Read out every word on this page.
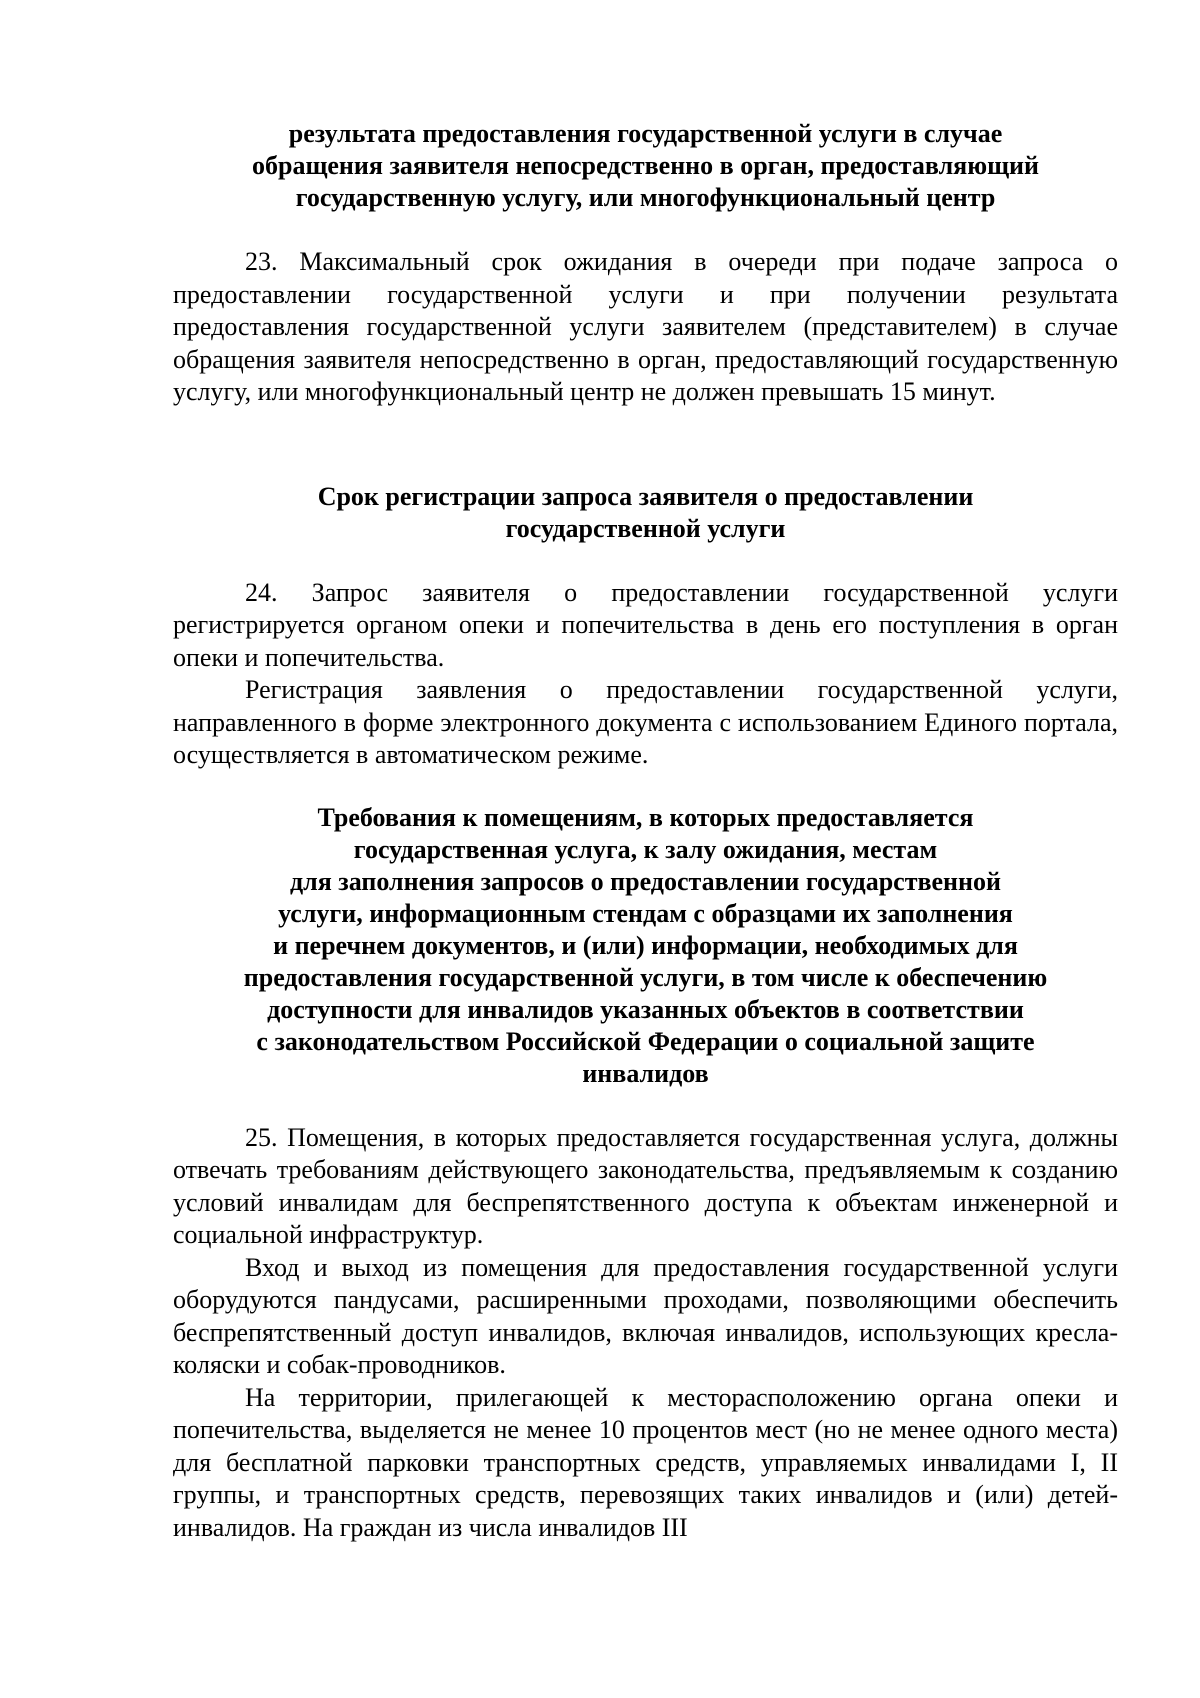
результата предоставления государственной услуги в случае
обращения заявителя непосредственно в орган, предоставляющий
государственную услугу, или многофункциональный центр

23. Максимальный срок ожидания в очереди при подаче запроса о предоставлении государственной услуги и при получении результата предоставления государственной услуги заявителем (представителем) в случае обращения заявителя непосредственно в орган, предоставляющий государственную услугу, или многофункциональный центр не должен превышать 15 минут.

Срок регистрации запроса заявителя о предоставлении
государственной услуги

24. Запрос заявителя о предоставлении государственной услуги регистрируется органом опеки и попечительства в день его поступления в орган опеки и попечительства.

Регистрация заявления о предоставлении государственной услуги, направленного в форме электронного документа с использованием Единого портала, осуществляется в автоматическом режиме.

Требования к помещениям, в которых предоставляется
государственная услуга, к залу ожидания, местам
для заполнения запросов о предоставлении государственной
услуги, информационным стендам с образцами их заполнения
и перечнем документов, и (или) информации, необходимых для
предоставления государственной услуги, в том числе к обеспечению
доступности для инвалидов указанных объектов в соответствии
с законодательством Российской Федерации о социальной защите
инвалидов

25. Помещения, в которых предоставляется государственная услуга, должны отвечать требованиям действующего законодательства, предъявляемым к созданию условий инвалидам для беспрепятственного доступа к объектам инженерной и социальной инфраструктур.

Вход и выход из помещения для предоставления государственной услуги оборудуются пандусами, расширенными проходами, позволяющими обеспечить беспрепятственный доступ инвалидов, включая инвалидов, использующих кресла-коляски и собак-проводников.

На территории, прилегающей к месторасположению органа опеки и попечительства, выделяется не менее 10 процентов мест (но не менее одного места) для бесплатной парковки транспортных средств, управляемых инвалидами I, II группы, и транспортных средств, перевозящих таких инвалидов и (или) детей-инвалидов. На граждан из числа инвалидов III
